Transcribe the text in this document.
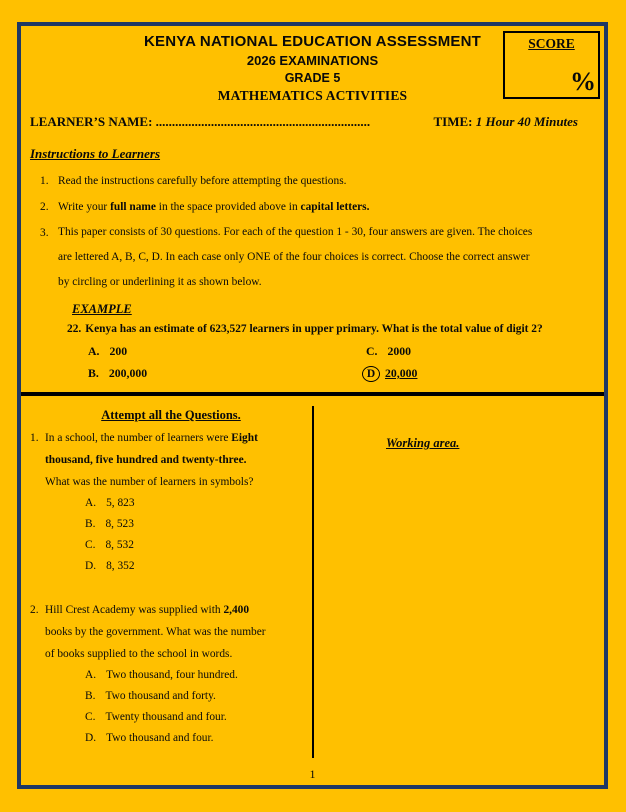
KENYA NATIONAL EDUCATION ASSESSMENT
2026 EXAMINATIONS
GRADE 5
MATHEMATICS ACTIVITIES
SCORE
%
LEARNER’S NAME: ..................................................................	TIME: 1 Hour 40 Minutes
Instructions to Learners
1. Read the instructions carefully before attempting the questions.
2. Write your full name in the space provided above in capital letters.
3. This paper consists of 30 questions. For each of the question 1 - 30, four answers are given. The choices
are lettered A, B, C, D. In each case only ONE of the four choices is correct. Choose the correct answer
by circling or underlining it as shown below.
EXAMPLE
22. Kenya has an estimate of 623,527 learners in upper primary. What is the total value of digit 2?
A. 200	C. 2000
B. 200,000	D 20,000
Attempt all the Questions.
1. In a school, the number of learners were Eight
thousand, five hundred and twenty-three.
What was the number of learners in symbols?
A. 5, 823
B. 8, 523
C. 8, 532
D. 8, 352
2. Hill Crest Academy was supplied with 2,400
books by the government. What was the number
of books supplied to the school in words.
A. Two thousand, four hundred.
B. Two thousand and forty.
C. Twenty thousand and four.
D. Two thousand and four.
Working area.
1
